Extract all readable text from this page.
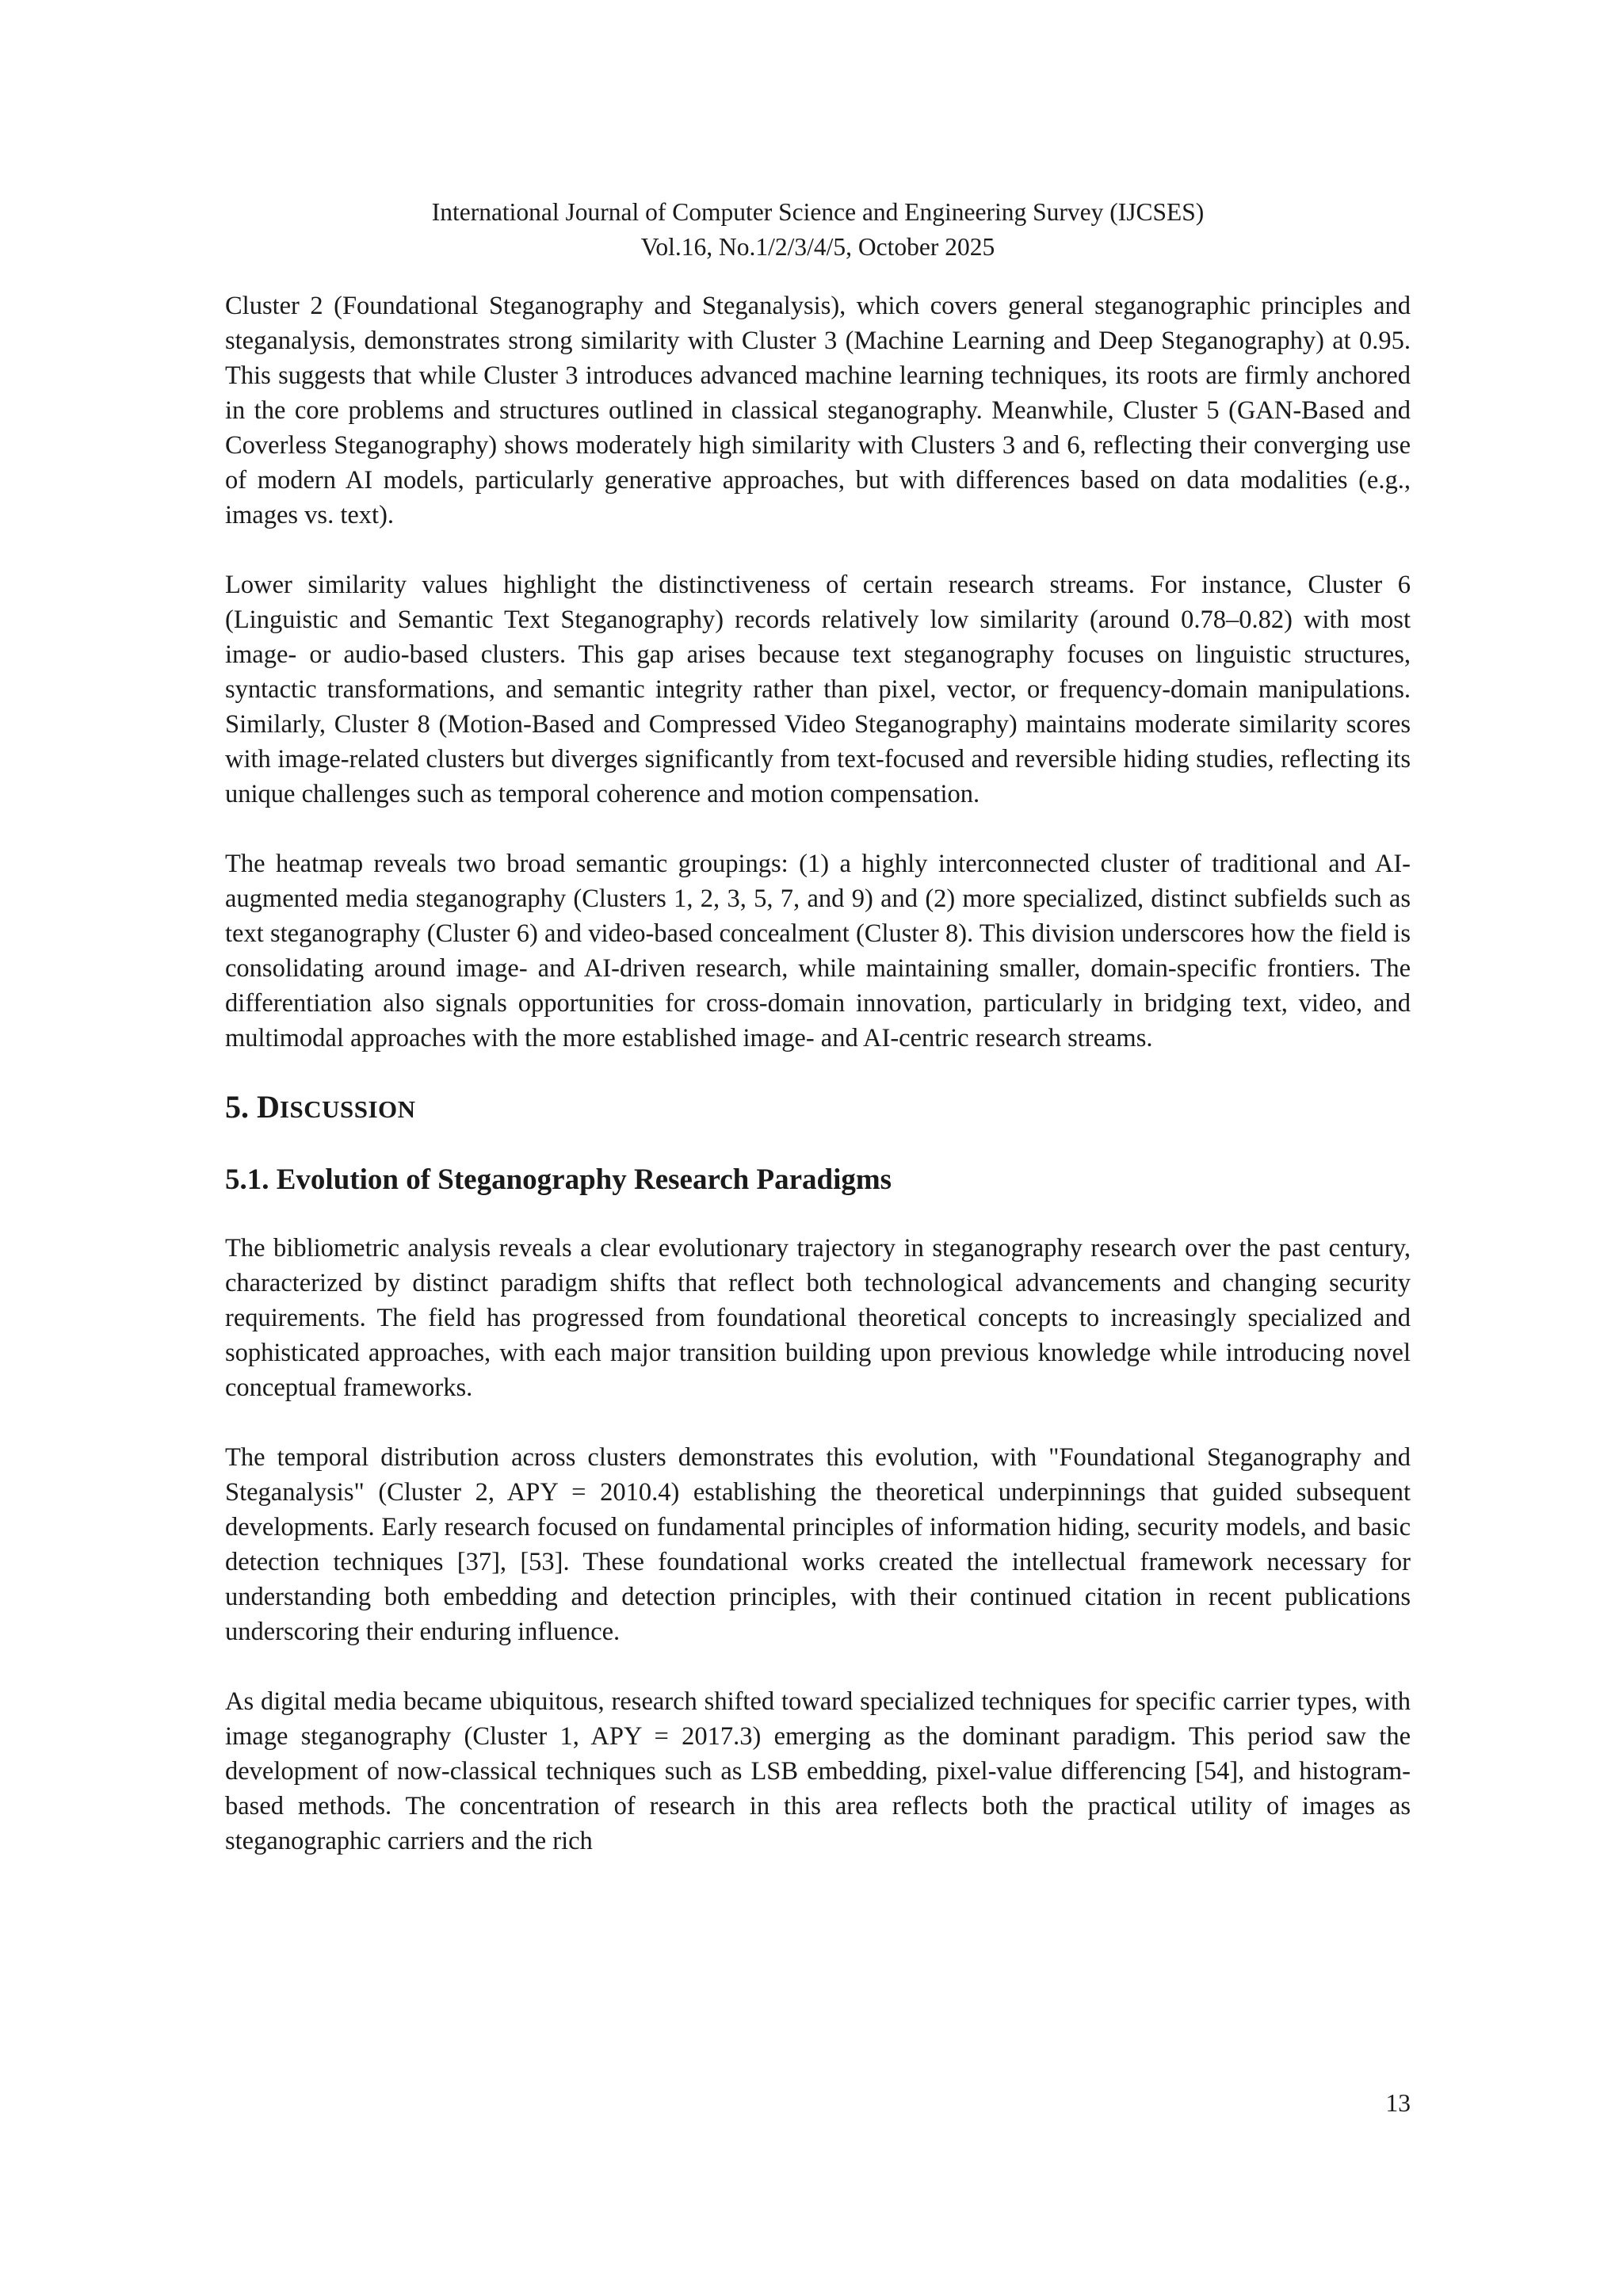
International Journal of Computer Science and Engineering Survey (IJCSES)
Vol.16, No.1/2/3/4/5, October 2025

Cluster 2 (Foundational Steganography and Steganalysis), which covers general steganographic principles and steganalysis, demonstrates strong similarity with Cluster 3 (Machine Learning and Deep Steganography) at 0.95. This suggests that while Cluster 3 introduces advanced machine learning techniques, its roots are firmly anchored in the core problems and structures outlined in classical steganography. Meanwhile, Cluster 5 (GAN-Based and Coverless Steganography) shows moderately high similarity with Clusters 3 and 6, reflecting their converging use of modern AI models, particularly generative approaches, but with differences based on data modalities (e.g., images vs. text).

Lower similarity values highlight the distinctiveness of certain research streams. For instance, Cluster 6 (Linguistic and Semantic Text Steganography) records relatively low similarity (around 0.78–0.82) with most image- or audio-based clusters. This gap arises because text steganography focuses on linguistic structures, syntactic transformations, and semantic integrity rather than pixel, vector, or frequency-domain manipulations. Similarly, Cluster 8 (Motion-Based and Compressed Video Steganography) maintains moderate similarity scores with image-related clusters but diverges significantly from text-focused and reversible hiding studies, reflecting its unique challenges such as temporal coherence and motion compensation.

The heatmap reveals two broad semantic groupings: (1) a highly interconnected cluster of traditional and AI-augmented media steganography (Clusters 1, 2, 3, 5, 7, and 9) and (2) more specialized, distinct subfields such as text steganography (Cluster 6) and video-based concealment (Cluster 8). This division underscores how the field is consolidating around image- and AI-driven research, while maintaining smaller, domain-specific frontiers. The differentiation also signals opportunities for cross-domain innovation, particularly in bridging text, video, and multimodal approaches with the more established image- and AI-centric research streams.

5. DISCUSSION
5.1. Evolution of Steganography Research Paradigms

The bibliometric analysis reveals a clear evolutionary trajectory in steganography research over the past century, characterized by distinct paradigm shifts that reflect both technological advancements and changing security requirements. The field has progressed from foundational theoretical concepts to increasingly specialized and sophisticated approaches, with each major transition building upon previous knowledge while introducing novel conceptual frameworks.

The temporal distribution across clusters demonstrates this evolution, with "Foundational Steganography and Steganalysis" (Cluster 2, APY = 2010.4) establishing the theoretical underpinnings that guided subsequent developments. Early research focused on fundamental principles of information hiding, security models, and basic detection techniques [37], [53]. These foundational works created the intellectual framework necessary for understanding both embedding and detection principles, with their continued citation in recent publications underscoring their enduring influence.

As digital media became ubiquitous, research shifted toward specialized techniques for specific carrier types, with image steganography (Cluster 1, APY = 2017.3) emerging as the dominant paradigm. This period saw the development of now-classical techniques such as LSB embedding, pixel-value differencing [54], and histogram-based methods. The concentration of research in this area reflects both the practical utility of images as steganographic carriers and the rich

13
